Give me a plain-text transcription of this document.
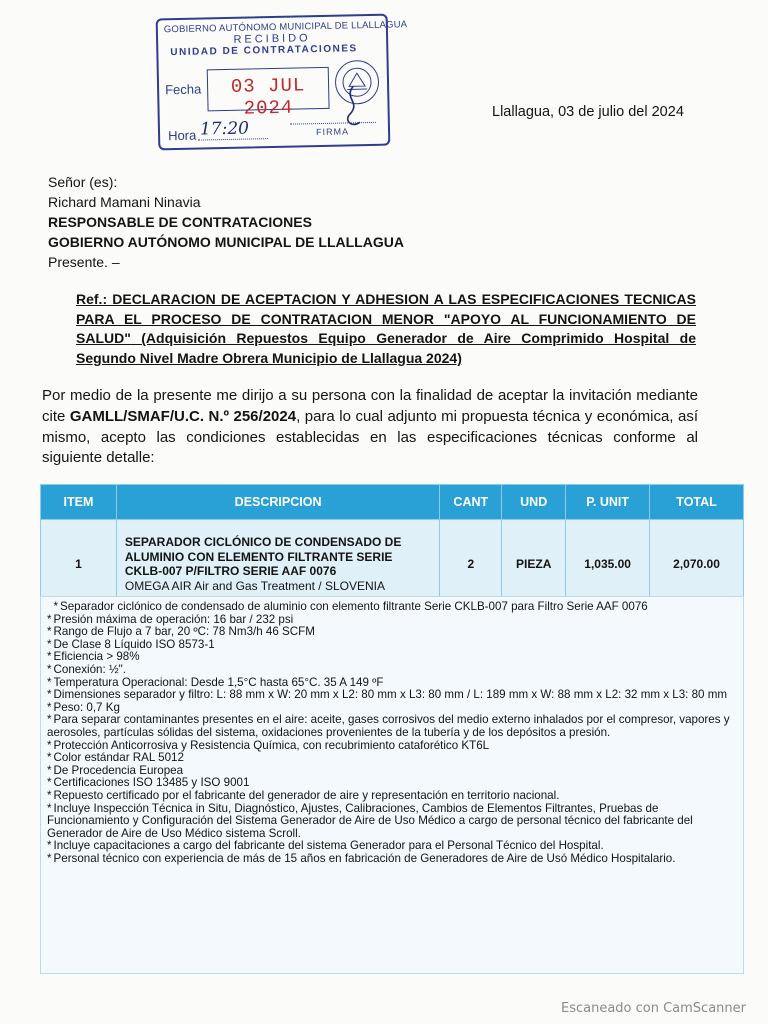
GOBIERNO AUTÓNOMO MUNICIPAL DE LLALLAGUA
RECIBIDO
UNIDAD DE CONTRATACIONES
Fecha	03 JUL 2024
Hora 17:20	FIRMA
Llallagua, 03 de julio del 2024
Señor (es):
Richard Mamani Ninavia
RESPONSABLE DE CONTRATACIONES
GOBIERNO AUTÓNOMO MUNICIPAL DE LLALLAGUA
Presente. –
Ref.: DECLARACION DE ACEPTACION Y ADHESION A LAS ESPECIFICACIONES TECNICAS PARA EL PROCESO DE CONTRATACION MENOR "APOYO AL FUNCIONAMIENTO DE SALUD" (Adquisición Repuestos Equipo Generador de Aire Comprimido Hospital de Segundo Nivel Madre Obrera Municipio de Llallagua 2024)
Por medio de la presente me dirijo a su persona con la finalidad de aceptar la invitación mediante cite GAMLL/SMAF/U.C. N.º 256/2024, para lo cual adjunto mi propuesta técnica y económica, así mismo, acepto las condiciones establecidas en las especificaciones técnicas conforme al siguiente detalle:
ITEM	DESCRIPCION	CANT	UND	P. UNIT	TOTAL
1	SEPARADOR CICLÓNICO DE CONDENSADO DE ALUMINIO CON ELEMENTO FILTRANTE SERIE CKLB-007 P/FILTRO SERIE AAF 0076
OMEGA AIR Air and Gas Treatment / SLOVENIA	2	PIEZA	1,035.00	2,070.00
* Separador ciclónico de condensado de aluminio con elemento filtrante Serie CKLB-007 para Filtro Serie AAF 0076
* Presión máxima de operación: 16 bar / 232 psi
* Rango de Flujo a 7 bar, 20 ºC: 78 Nm3/h 46 SCFM
* De Clase 8 Líquido ISO 8573-1
* Eficiencia > 98%
* Conexión: ½".
* Temperatura Operacional: Desde 1,5°C hasta 65°C. 35 A 149 ºF
* Dimensiones separador y filtro: L: 88 mm x W: 20 mm x L2: 80 mm x L3: 80 mm / L: 189 mm x W: 88 mm x L2: 32 mm x L3: 80 mm
* Peso: 0,7 Kg
* Para separar contaminantes presentes en el aire: aceite, gases corrosivos del medio externo inhalados por el compresor, vapores y aerosoles, partículas sólidas del sistema, oxidaciones provenientes de la tubería y de los depósitos a presión.
* Protección Anticorrosiva y Resistencia Química, con recubrimiento cataforético KT6L
* Color estándar RAL 5012
* De Procedencia Europea
* Certificaciones ISO 13485 y ISO 9001
* Repuesto certificado por el fabricante del generador de aire y representación en territorio nacional.
* Incluye Inspección Técnica in Situ, Diagnóstico, Ajustes, Calibraciones, Cambios de Elementos Filtrantes, Pruebas de Funcionamiento y Configuración del Sistema Generador de Aire de Uso Médico a cargo de personal técnico del fabricante del Generador de Aire de Uso Médico sistema Scroll.
* Incluye capacitaciones a cargo del fabricante del sistema Generador para el Personal Técnico del Hospital.
* Personal técnico con experiencia de más de 15 años en fabricación de Generadores de Aire de Usó Médico Hospitalario.
Escaneado con CamScanner
